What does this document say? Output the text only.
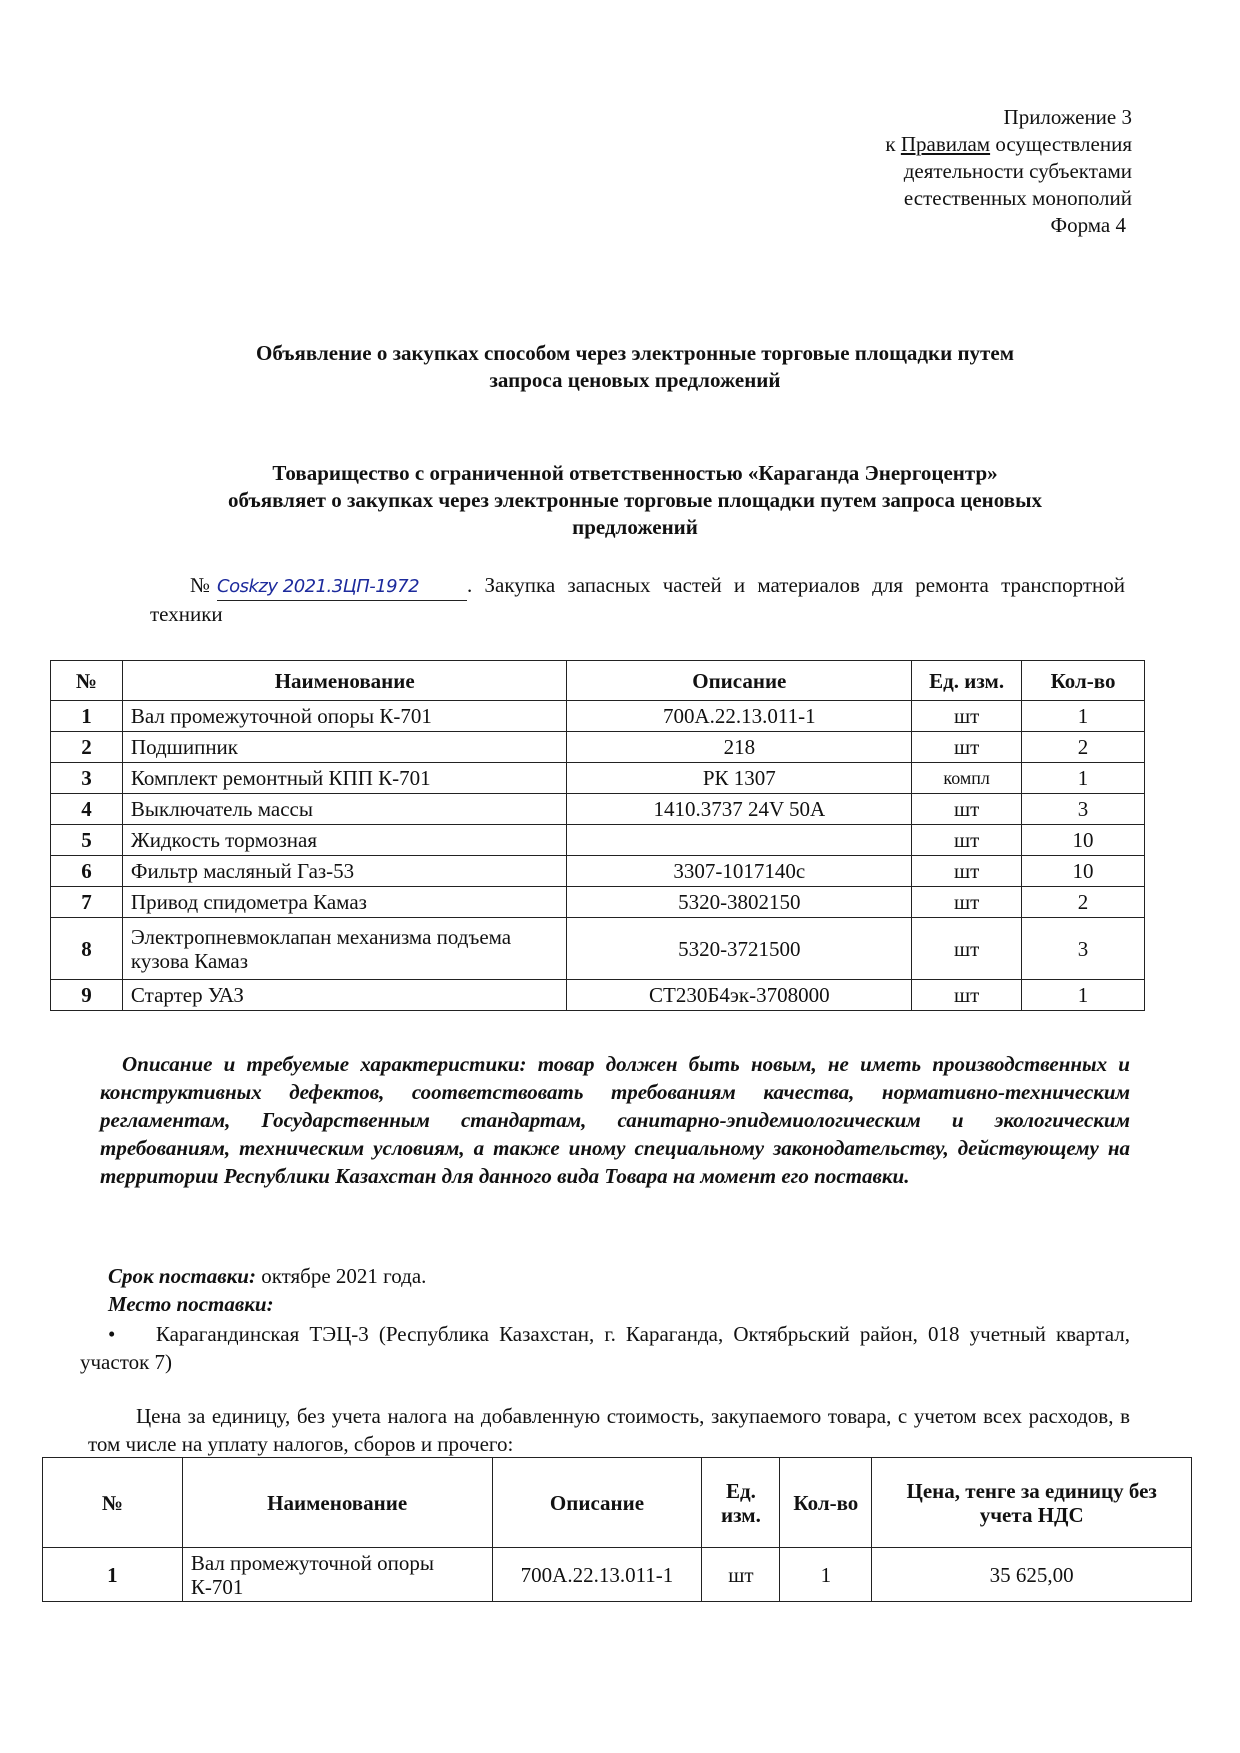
Приложение 3
к Правилам осуществления
деятельности субъектами
естественных монополий
Форма 4
Объявление о закупках способом через электронные торговые площадки путем
запроса ценовых предложений
Товарищество с ограниченной ответственностью «Караганда Энергоцентр»
объявляет о закупках через электронные торговые площадки путем запроса ценовых
предложений
№Coskzy 2021.3ЦП-1972 . Закупка запасных частей и материалов для ремонта транспортной техники
№	Наименование	Описание	Ед. изм.	Кол-во
1	Вал промежуточной опоры К-701	700А.22.13.011-1	шт	1
2	Подшипник	218	шт	2
3	Комплект ремонтный КПП К-701	РК 1307	компл	1
4	Выключатель массы	1410.3737 24V 50A	шт	3
5	Жидкость тормозная		шт	10
6	Фильтр масляный Газ-53	3307-1017140с	шт	10
7	Привод спидометра Камаз	5320-3802150	шт	2
8	Электропневмоклапан механизма подъема кузова Камаз	5320-3721500	шт	3
9	Стартер УАЗ	СТ230Б4эк-3708000	шт	1
Описание и требуемые характеристики: товар должен быть новым, не иметь производственных и конструктивных дефектов, соответствовать требованиям качества, нормативно-техническим регламентам, Государственным стандартам, санитарно-эпидемиологическим и экологическим требованиям, техническим условиям, а также иному специальному законодательству, действующему на территории Республики Казахстан для данного вида Товара на момент его поставки.
Срок поставки: октябре 2021 года.
Место поставки:
• Карагандинская ТЭЦ-3 (Республика Казахстан, г. Караганда, Октябрьский район, 018 учетный квартал, участок 7)
Цена за единицу, без учета налога на добавленную стоимость, закупаемого товара, с учетом всех расходов, в том числе на уплату налогов, сборов и прочего:
№	Наименование	Описание	Ед. изм.	Кол-во	Цена, тенге за единицу без учета НДС
1	Вал промежуточной опоры К-701	700А.22.13.011-1	шт	1	35 625,00
